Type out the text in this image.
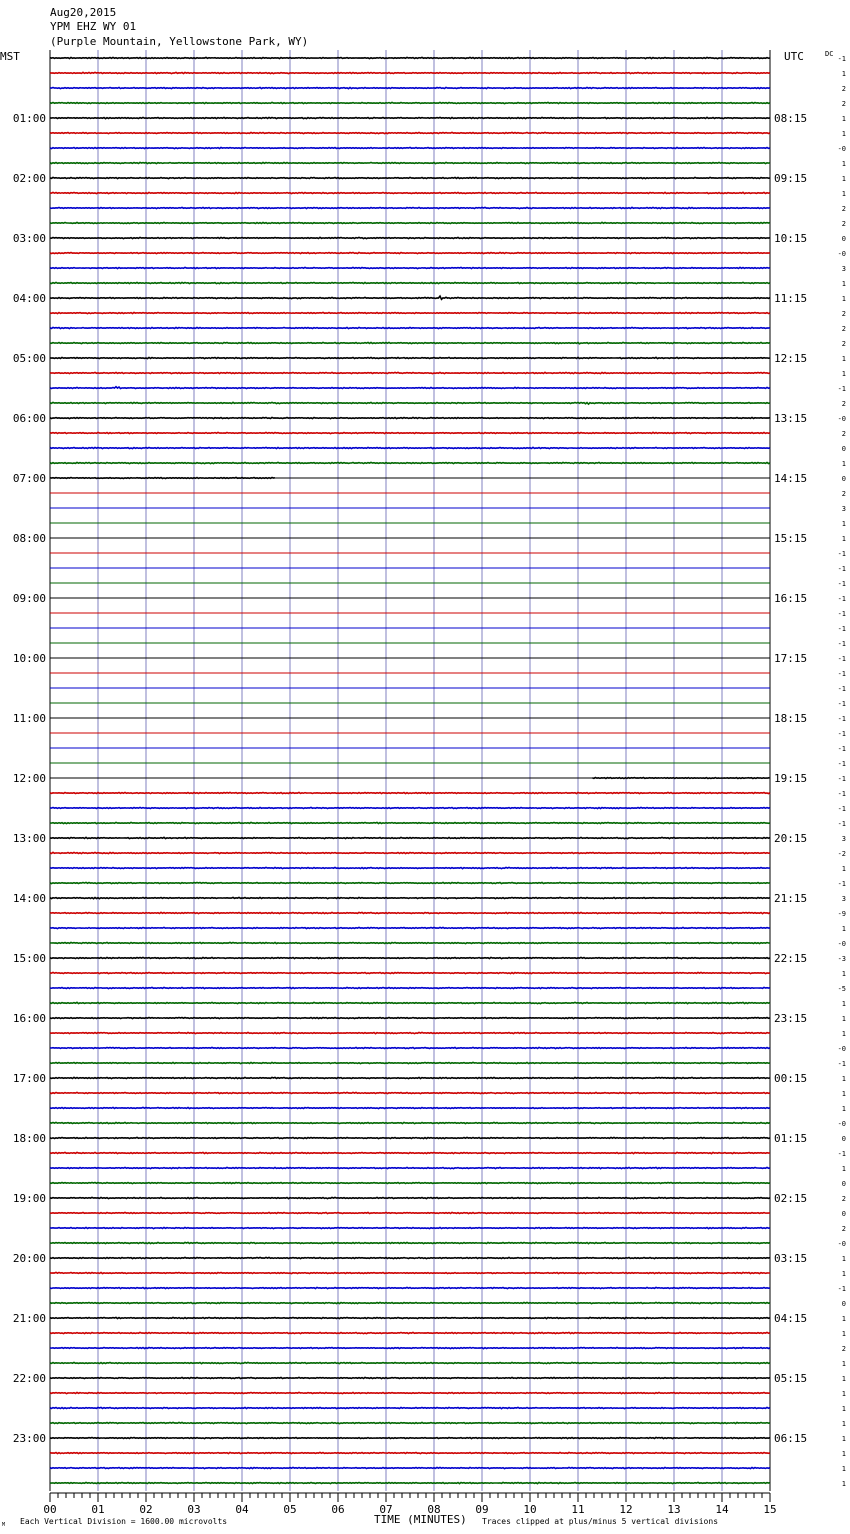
Aug20,2015
YPM EHZ WY 01
(Purple Mountain, Yellowstone Park, WY)
MST	UTC	DC
01:00
02:00
03:00
04:00
05:00
06:00
07:00
08:00
09:00
10:00
11:00
12:00
13:00
14:00
15:00
16:00
17:00
18:00
19:00
20:00
21:00
22:00
23:00
08:15
09:15
10:15
11:15
12:15
13:15
14:15
15:15
16:15
17:15
18:15
19:15
20:15
21:15
22:15
23:15
00:15
01:15
02:15
03:15
04:15
05:15
06:15
-1
1
2
2
1
1
-0
1
1
1
2
2
0
-0
3
1
1
2
2
2
1
1
-1
2
-0
2
0
1
0
2
3
1
1
-1
-1
-1
-1
-1
-1
-1
-1
-1
-1
-1
-1
-1
-1
-1
-1
-1
-1
-1
3
-2
1
-1
3
-9
1
-0
-3
1
-5
1
1
1
-0
-1
1
1
1
-0
0
-1
1
0
2
0
2
-0
1
1
-1
0
1
1
2
1
1
1
1
1
1
1
1
1
00	01	02	03	04	05	06	07	08	09	10	11	12	13	14	15
M Each Vertical Division = 1600.00 microvolts	TIME (MINUTES) Traces clipped at plus/minus 5 vertical divisions
